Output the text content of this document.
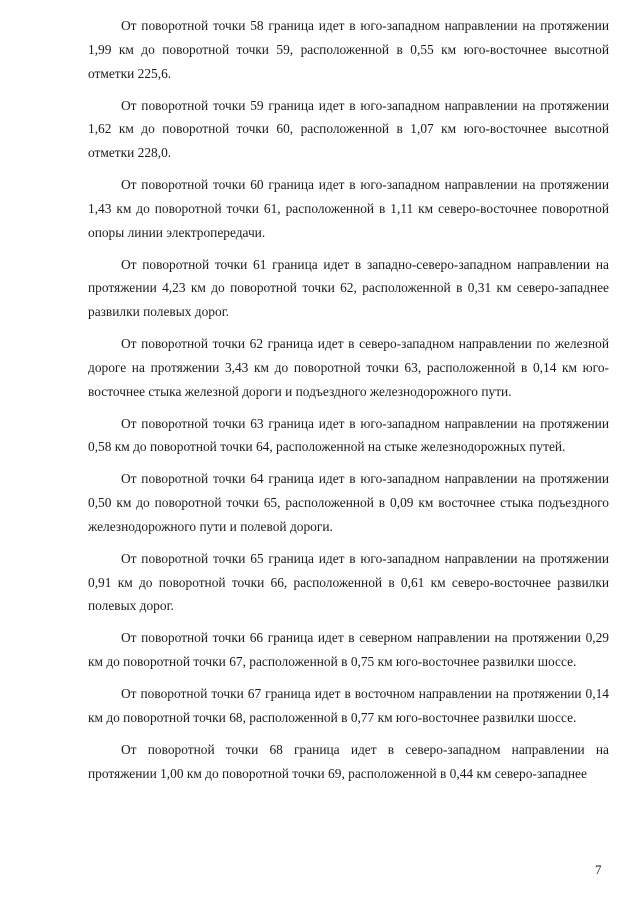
От поворотной точки 58 граница идет в юго-западном направлении на протяжении 1,99 км до поворотной точки 59, расположенной в 0,55 км юго-восточнее высотной отметки 225,6.

От поворотной точки 59 граница идет в юго-западном направлении на протяжении 1,62 км до поворотной точки 60, расположенной в 1,07 км юго-восточнее высотной отметки 228,0.

От поворотной точки 60 граница идет в юго-западном направлении на протяжении 1,43 км до поворотной точки 61, расположенной в 1,11 км северо-восточнее поворотной опоры линии электропередачи.

От поворотной точки 61 граница идет в западно-северо-западном направлении на протяжении 4,23 км до поворотной точки 62, расположенной в 0,31 км северо-западнее развилки полевых дорог.

От поворотной точки 62 граница идет в северо-западном направлении по железной дороге на протяжении 3,43 км до поворотной точки 63, расположенной в 0,14 км юго-восточнее стыка железной дороги и подъездного железнодорожного пути.

От поворотной точки 63 граница идет в юго-западном направлении на протяжении 0,58 км до поворотной точки 64, расположенной на стыке железнодорожных путей.

От поворотной точки 64 граница идет в юго-западном направлении на протяжении 0,50 км до поворотной точки 65, расположенной в 0,09 км восточнее стыка подъездного железнодорожного пути и полевой дороги.

От поворотной точки 65 граница идет в юго-западном направлении на протяжении 0,91 км до поворотной точки 66, расположенной в 0,61 км северо-восточнее развилки полевых дорог.

От поворотной точки 66 граница идет в северном направлении на протяжении 0,29 км до поворотной точки 67, расположенной в 0,75 км юго-восточнее развилки шоссе.

От поворотной точки 67 граница идет в восточном направлении на протяжении 0,14 км до поворотной точки 68, расположенной в 0,77 км юго-восточнее развилки шоссе.

От поворотной точки 68 граница идет в северо-западном направлении на протяжении 1,00 км до поворотной точки 69, расположенной в 0,44 км северо-западнее

7
